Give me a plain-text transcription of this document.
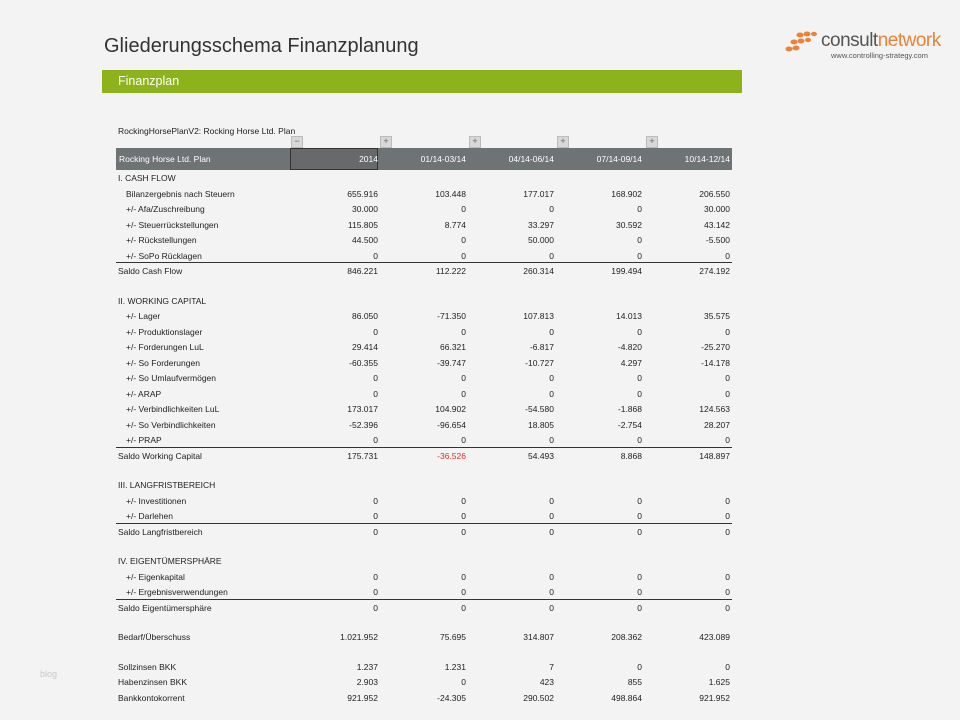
Gliederungsschema Finanzplanung	consultnetwork
www.controlling-strategy.com
Finanzplan
RockingHorsePlanV2: Rocking Horse Ltd. Plan
−	+	+	+	+
Rocking Horse Ltd. Plan	2014	01/14-03/14	04/14-06/14	07/14-09/14	10/14-12/14
I. CASH FLOW
Bilanzergebnis nach Steuern	655.916	103.448	177.017	168.902	206.550
+/- Afa/Zuschreibung	30.000	0	0	0	30.000
+/- Steuerrückstellungen	115.805	8.774	33.297	30.592	43.142
+/- Rückstellungen	44.500	0	50.000	0	-5.500
+/- SoPo Rücklagen	0	0	0	0	0
Saldo Cash Flow	846.221	112.222	260.314	199.494	274.192
II. WORKING CAPITAL
+/- Lager	86.050	-71.350	107.813	14.013	35.575
+/- Produktionslager	0	0	0	0	0
+/- Forderungen LuL	29.414	66.321	-6.817	-4.820	-25.270
+/- So Forderungen	-60.355	-39.747	-10.727	4.297	-14.178
+/- So Umlaufvermögen	0	0	0	0	0
+/- ARAP	0	0	0	0	0
+/- Verbindlichkeiten LuL	173.017	104.902	-54.580	-1.868	124.563
+/- So Verbindlichkeiten	-52.396	-96.654	18.805	-2.754	28.207
+/- PRAP	0	0	0	0	0
Saldo Working Capital	175.731	-36.526	54.493	8.868	148.897
III. LANGFRISTBEREICH
+/- Investitionen	0	0	0	0	0
+/- Darlehen	0	0	0	0	0
Saldo Langfristbereich	0	0	0	0	0
IV. EIGENTÜMERSPHÄRE
+/- Eigenkapital	0	0	0	0	0
+/- Ergebnisverwendungen	0	0	0	0	0
Saldo Eigentümersphäre	0	0	0	0	0
Bedarf/Überschuss	1.021.952	75.695	314.807	208.362	423.089
Sollzinsen BKK	1.237	1.231	7	0	0
Habenzinsen BKK	2.903	0	423	855	1.625
Bankkontokorrent	921.952	-24.305	290.502	498.864	921.952
blog
